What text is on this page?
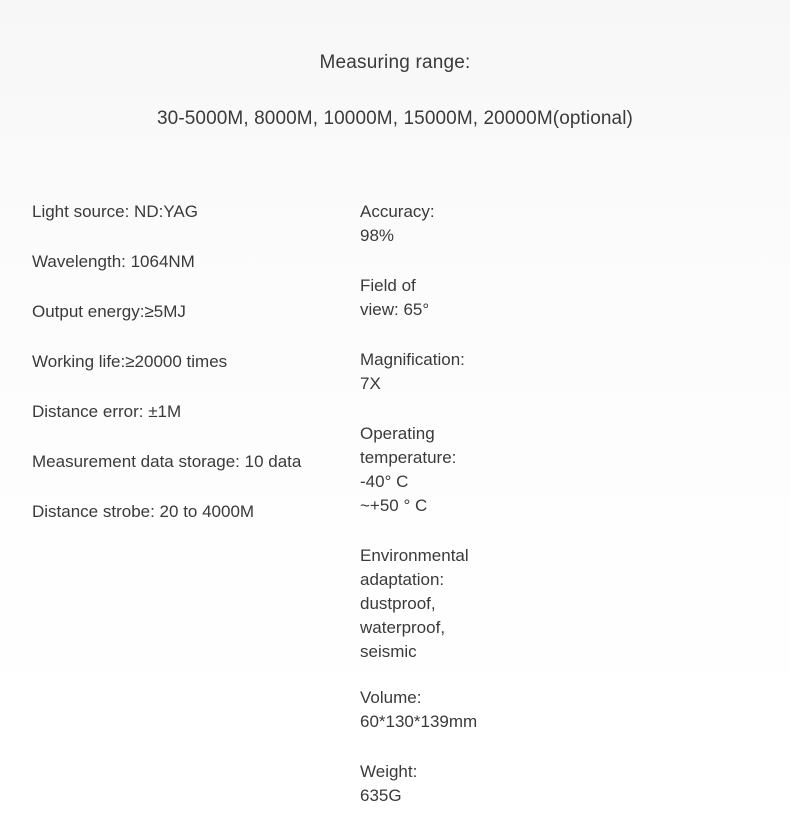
Measuring range:
30-5000M, 8000M, 10000M, 15000M, 20000M(optional)
Light source: ND:YAG
Wavelength: 1064NM
Output energy:≥5MJ
Working life:≥20000 times
Distance error: ±1M
Measurement data storage: 10 data
Distance strobe: 20 to 4000M
Accuracy: 98%
Field of view: 65°
Magnification: 7X
Operating temperature: -40° C ~+50 ° C
Environmental adaptation: dustproof, waterproof, seismic
Volume: 60*130*139mm
Weight: 635G
